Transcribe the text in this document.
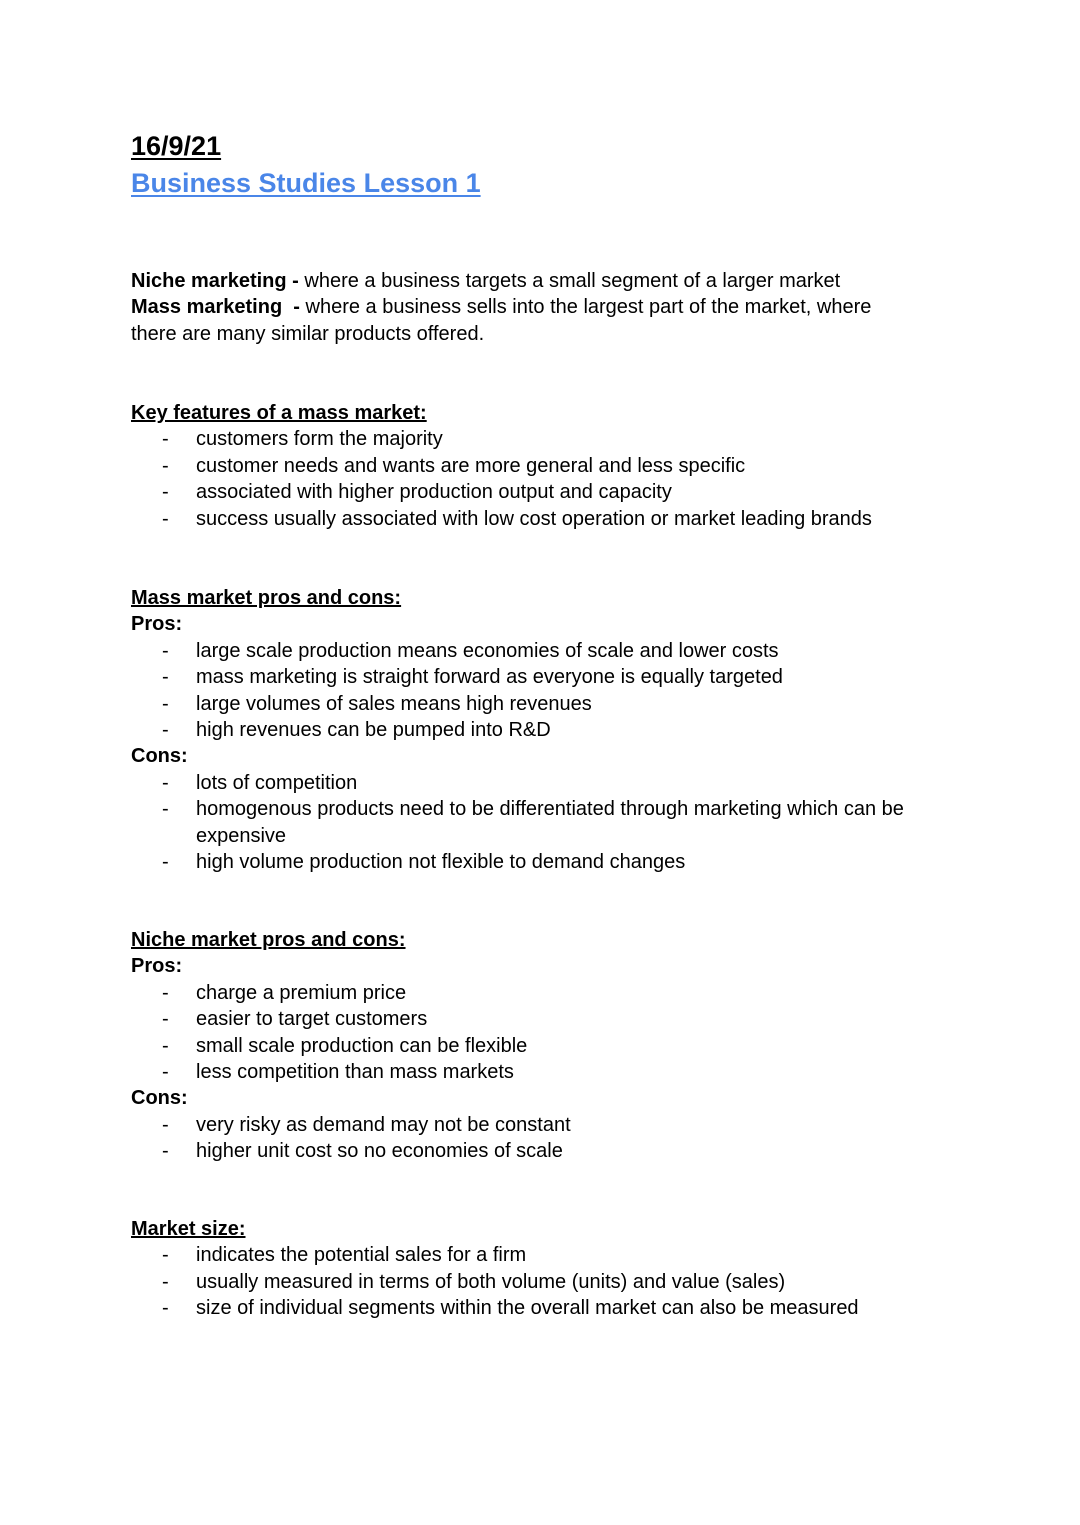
16/9/21
Business Studies Lesson 1
Niche marketing - where a business targets a small segment of a larger market
Mass marketing  - where a business sells into the largest part of the market, where there are many similar products offered.
Key features of a mass market:
- customers form the majority
- customer needs and wants are more general and less specific
- associated with higher production output and capacity
- success usually associated with low cost operation or market leading brands
Mass market pros and cons:
Pros:
- large scale production means economies of scale and lower costs
- mass marketing is straight forward as everyone is equally targeted
- large volumes of sales means high revenues
- high revenues can be pumped into R&D
Cons:
- lots of competition
- homogenous products need to be differentiated through marketing which can be expensive
- high volume production not flexible to demand changes
Niche market pros and cons:
Pros:
- charge a premium price
- easier to target customers
- small scale production can be flexible
- less competition than mass markets
Cons:
- very risky as demand may not be constant
- higher unit cost so no economies of scale
Market size:
- indicates the potential sales for a firm
- usually measured in terms of both volume (units) and value (sales)
- size of individual segments within the overall market can also be measured
